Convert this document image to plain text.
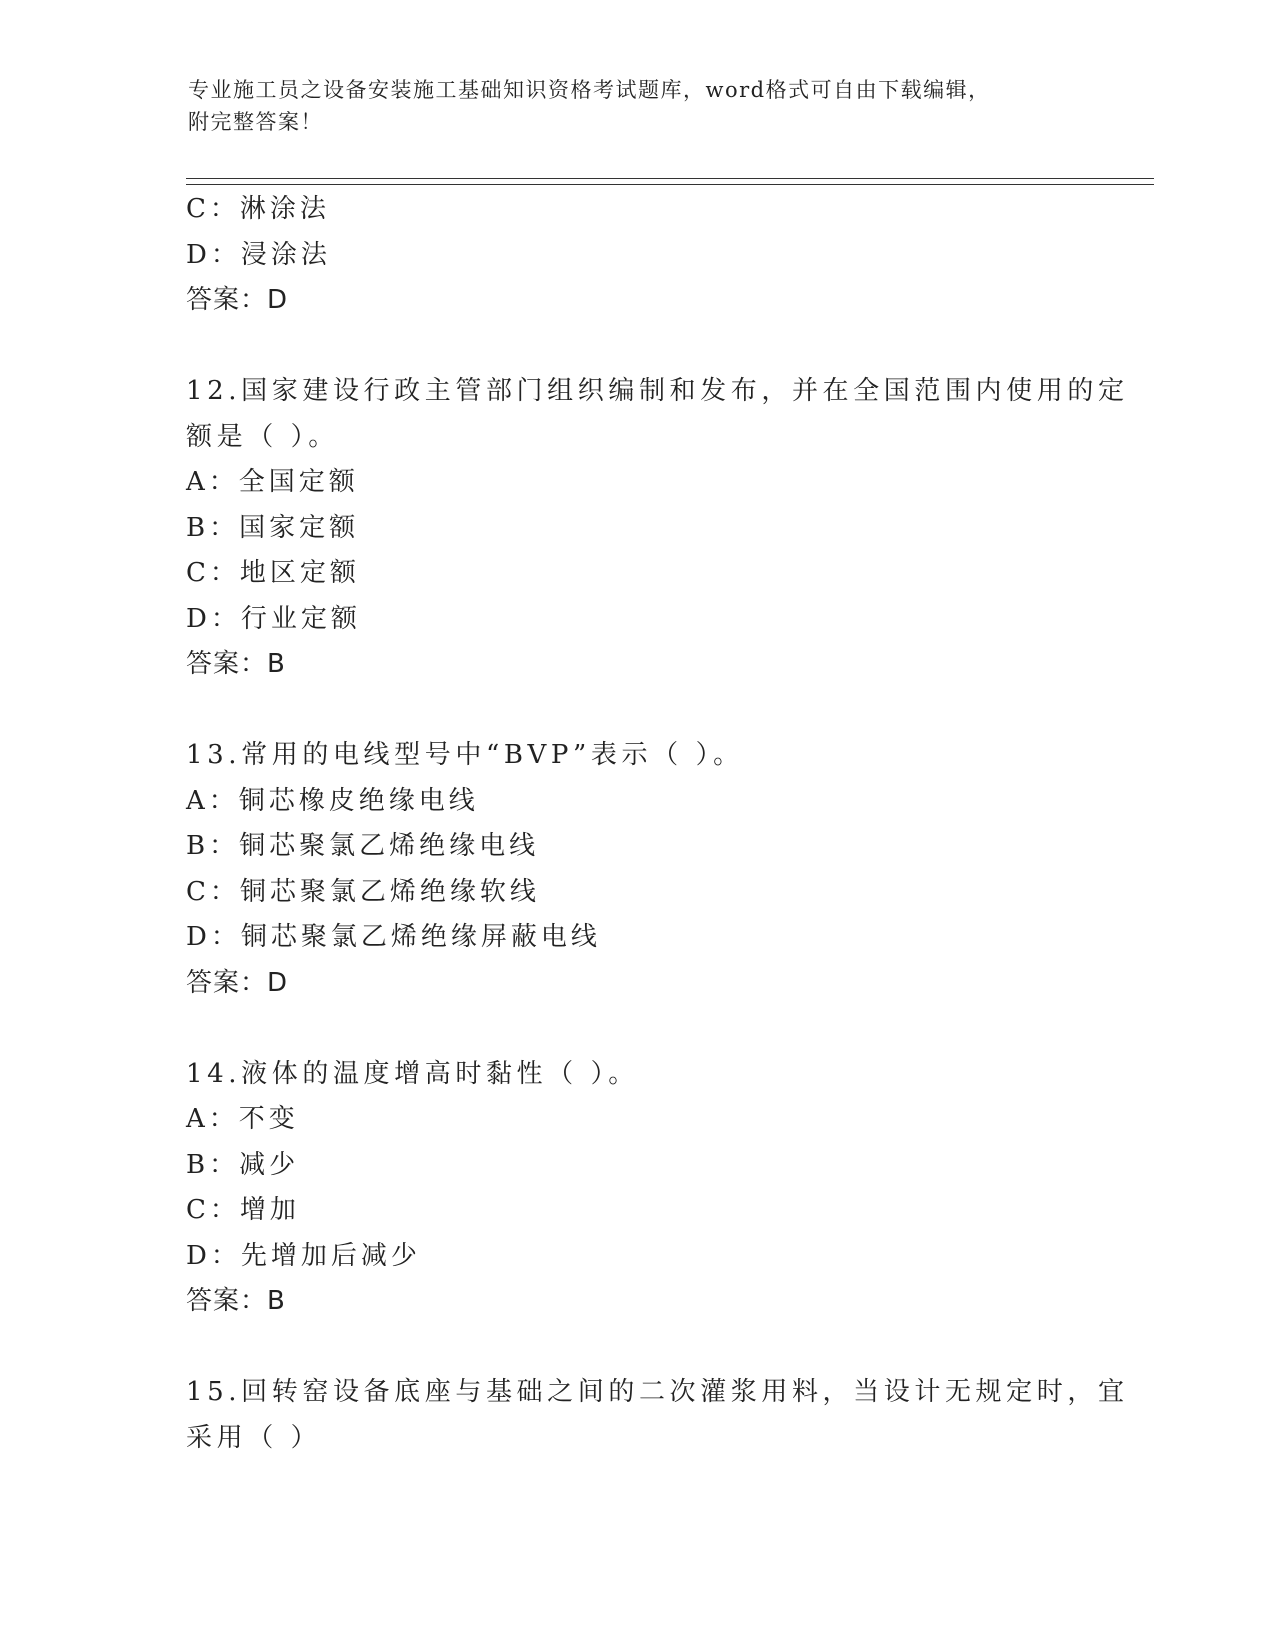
专业施工员之设备安装施工基础知识资格考试题库，word格式可自由下载编辑，
附完整答案！
C：淋涂法
D：浸涂法
答案：D
12.国家建设行政主管部门组织编制和发布，并在全国范围内使用的定
额是（ ）。
A：全国定额
B：国家定额
C：地区定额
D：行业定额
答案：B
13.常用的电线型号中“BVP”表示（ ）。
A：铜芯橡皮绝缘电线
B：铜芯聚氯乙烯绝缘电线
C：铜芯聚氯乙烯绝缘软线
D：铜芯聚氯乙烯绝缘屏蔽电线
答案：D
14.液体的温度增高时黏性（ ）。
A：不变
B：减少
C：增加
D：先增加后减少
答案：B
15.回转窑设备底座与基础之间的二次灌浆用料，当设计无规定时，宜
采用（ ）
